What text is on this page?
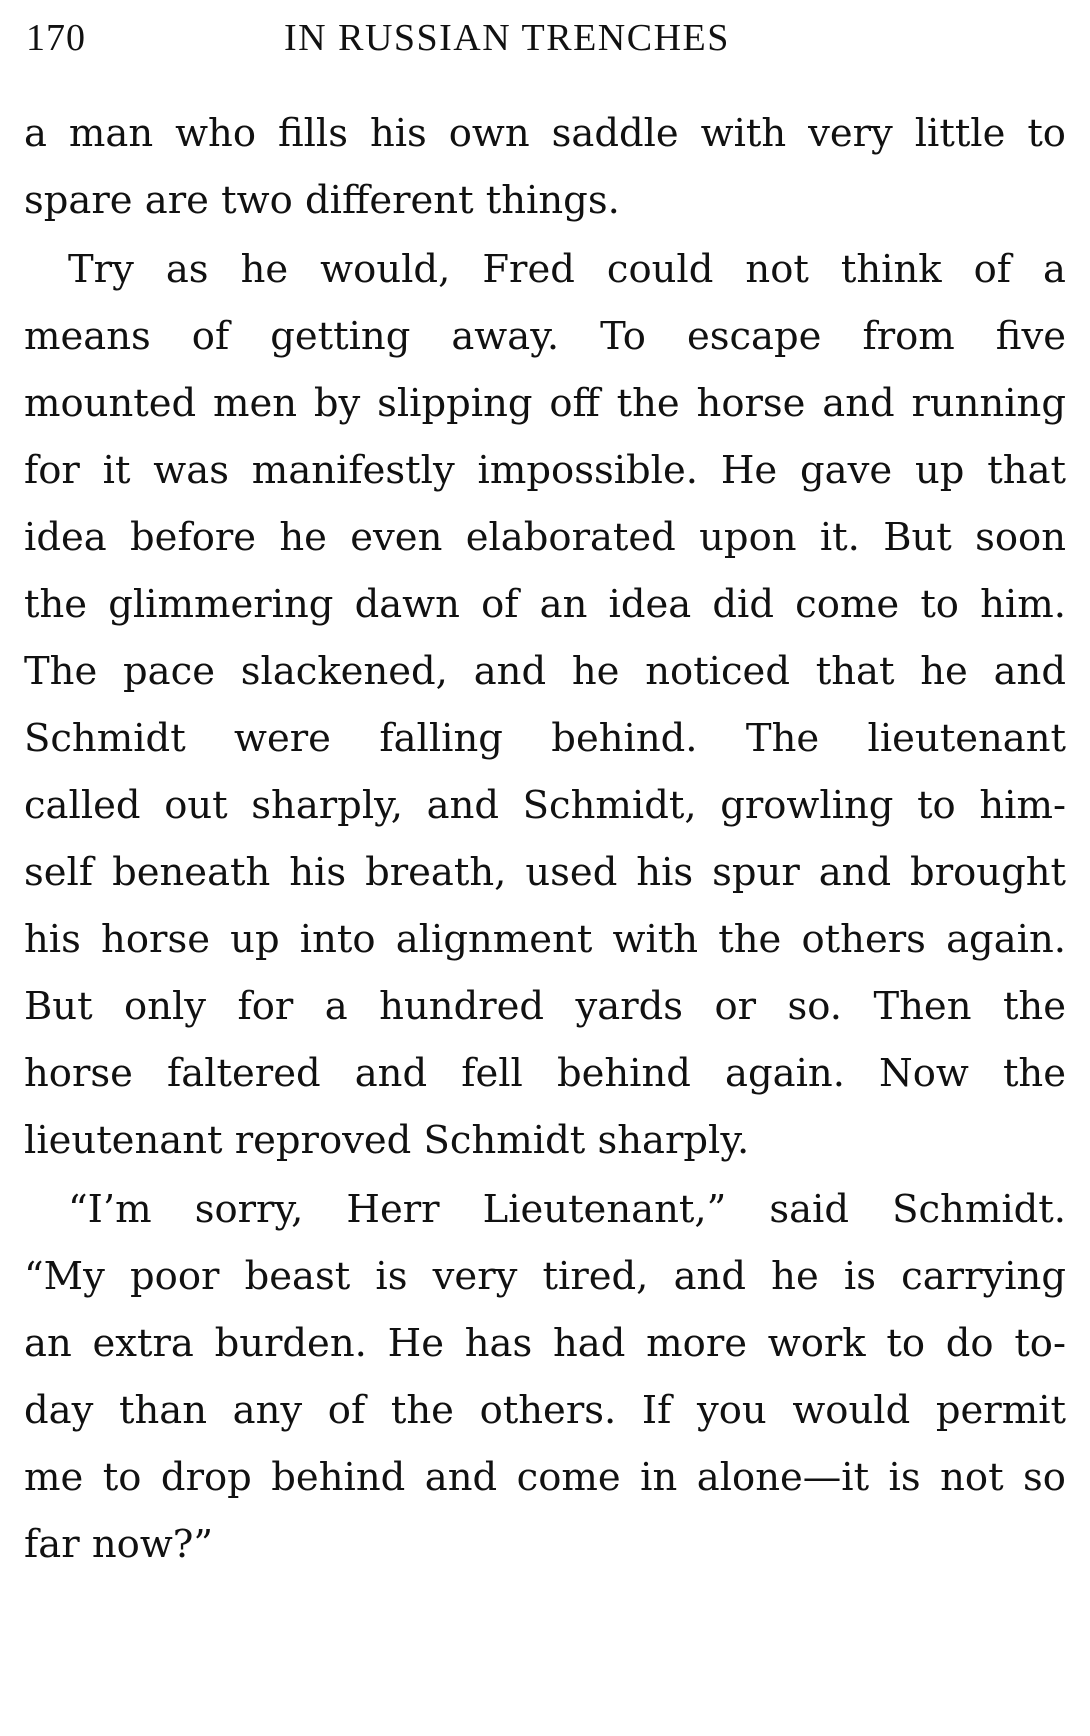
170	IN RUSSIAN TRENCHES
a man who fills his own saddle with very little to
spare are two different things.
Try as he would, Fred could not think of a
means of getting away. To escape from five
mounted men by slipping off the horse and running
for it was manifestly impossible. He gave up that
idea before he even elaborated upon it. But soon
the glimmering dawn of an idea did come to him.
The pace slackened, and he noticed that he and
Schmidt were falling behind. The lieutenant
called out sharply, and Schmidt, growling to him-
self beneath his breath, used his spur and brought
his horse up into alignment with the others again.
But only for a hundred yards or so. Then the
horse faltered and fell behind again. Now the
lieutenant reproved Schmidt sharply.
“I’m sorry, Herr Lieutenant,” said Schmidt.
“My poor beast is very tired, and he is carrying
an extra burden. He has had more work to do to-
day than any of the others. If you would permit
me to drop behind and come in alone—it is not so
far now?”
